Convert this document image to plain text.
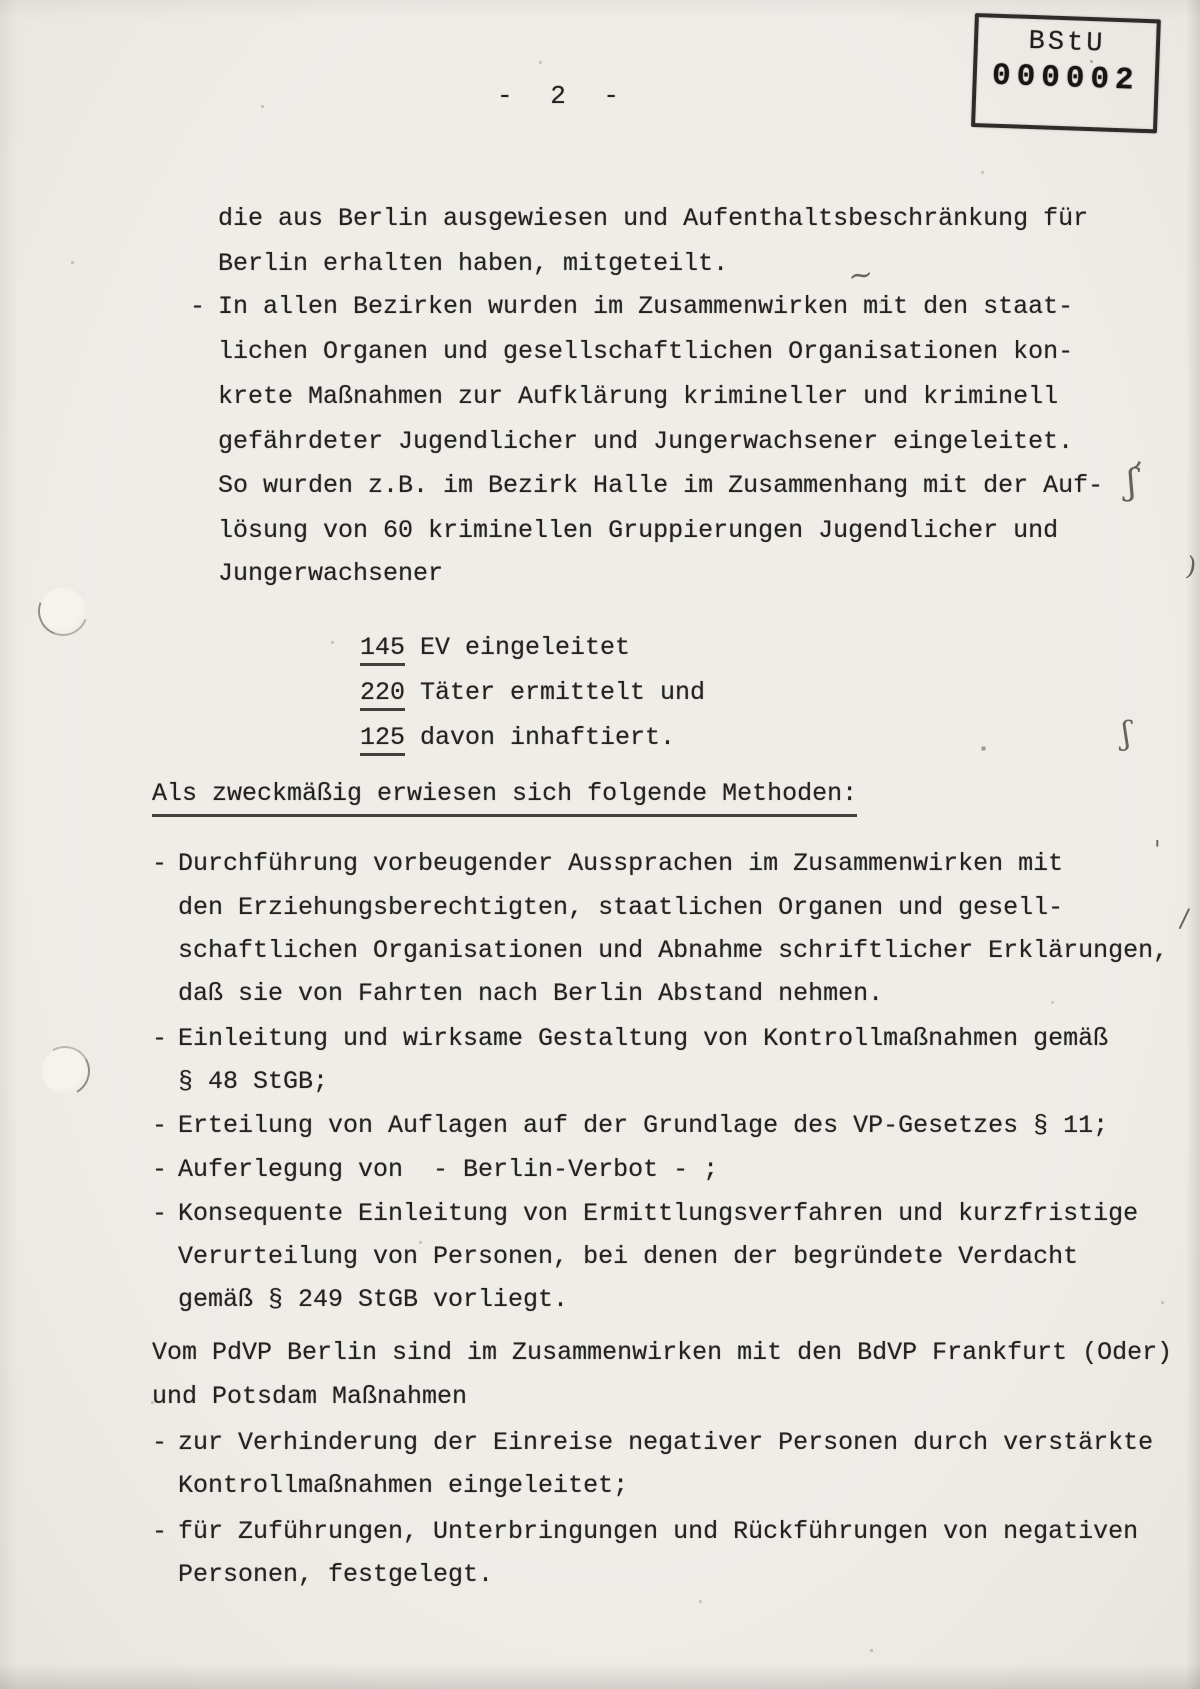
BStU
000002
- 2 -
die aus Berlin ausgewiesen und Aufenthaltsbeschränkung für
Berlin erhalten haben, mitgeteilt.
- In allen Bezirken wurden im Zusammenwirken mit den staat-
lichen Organen und gesellschaftlichen Organisationen kon-
krete Maßnahmen zur Aufklärung krimineller und kriminell
gefährdeter Jugendlicher und Jungerwachsener eingeleitet.
So wurden z.B. im Bezirk Halle im Zusammenhang mit der Auf-
lösung von 60 kriminellen Gruppierungen Jugendlicher und
Jungerwachsener
145 EV eingeleitet
220 Täter ermittelt und
125 davon inhaftiert.
Als zweckmäßig erwiesen sich folgende Methoden:
- Durchführung vorbeugender Aussprachen im Zusammenwirken mit
den Erziehungsberechtigten, staatlichen Organen und gesell-
schaftlichen Organisationen und Abnahme schriftlicher Erklärungen,
daß sie von Fahrten nach Berlin Abstand nehmen.
- Einleitung und wirksame Gestaltung von Kontrollmaßnahmen gemäß
§ 48 StGB;
- Erteilung von Auflagen auf der Grundlage des VP-Gesetzes § 11;
- Auferlegung von  - Berlin-Verbot - ;
- Konsequente Einleitung von Ermittlungsverfahren und kurzfristige
Verurteilung von Personen, bei denen der begründete Verdacht
gemäß § 249 StGB vorliegt.
Vom PdVP Berlin sind im Zusammenwirken mit den BdVP Frankfurt (Oder)
und Potsdam Maßnahmen
- zur Verhinderung der Einreise negativer Personen durch verstärkte
Kontrollmaßnahmen eingeleitet;
- für Zuführungen, Unterbringungen und Rückführungen von negativen
Personen, festgelegt.
~
,
ʃ
)
ʃ
'
/
